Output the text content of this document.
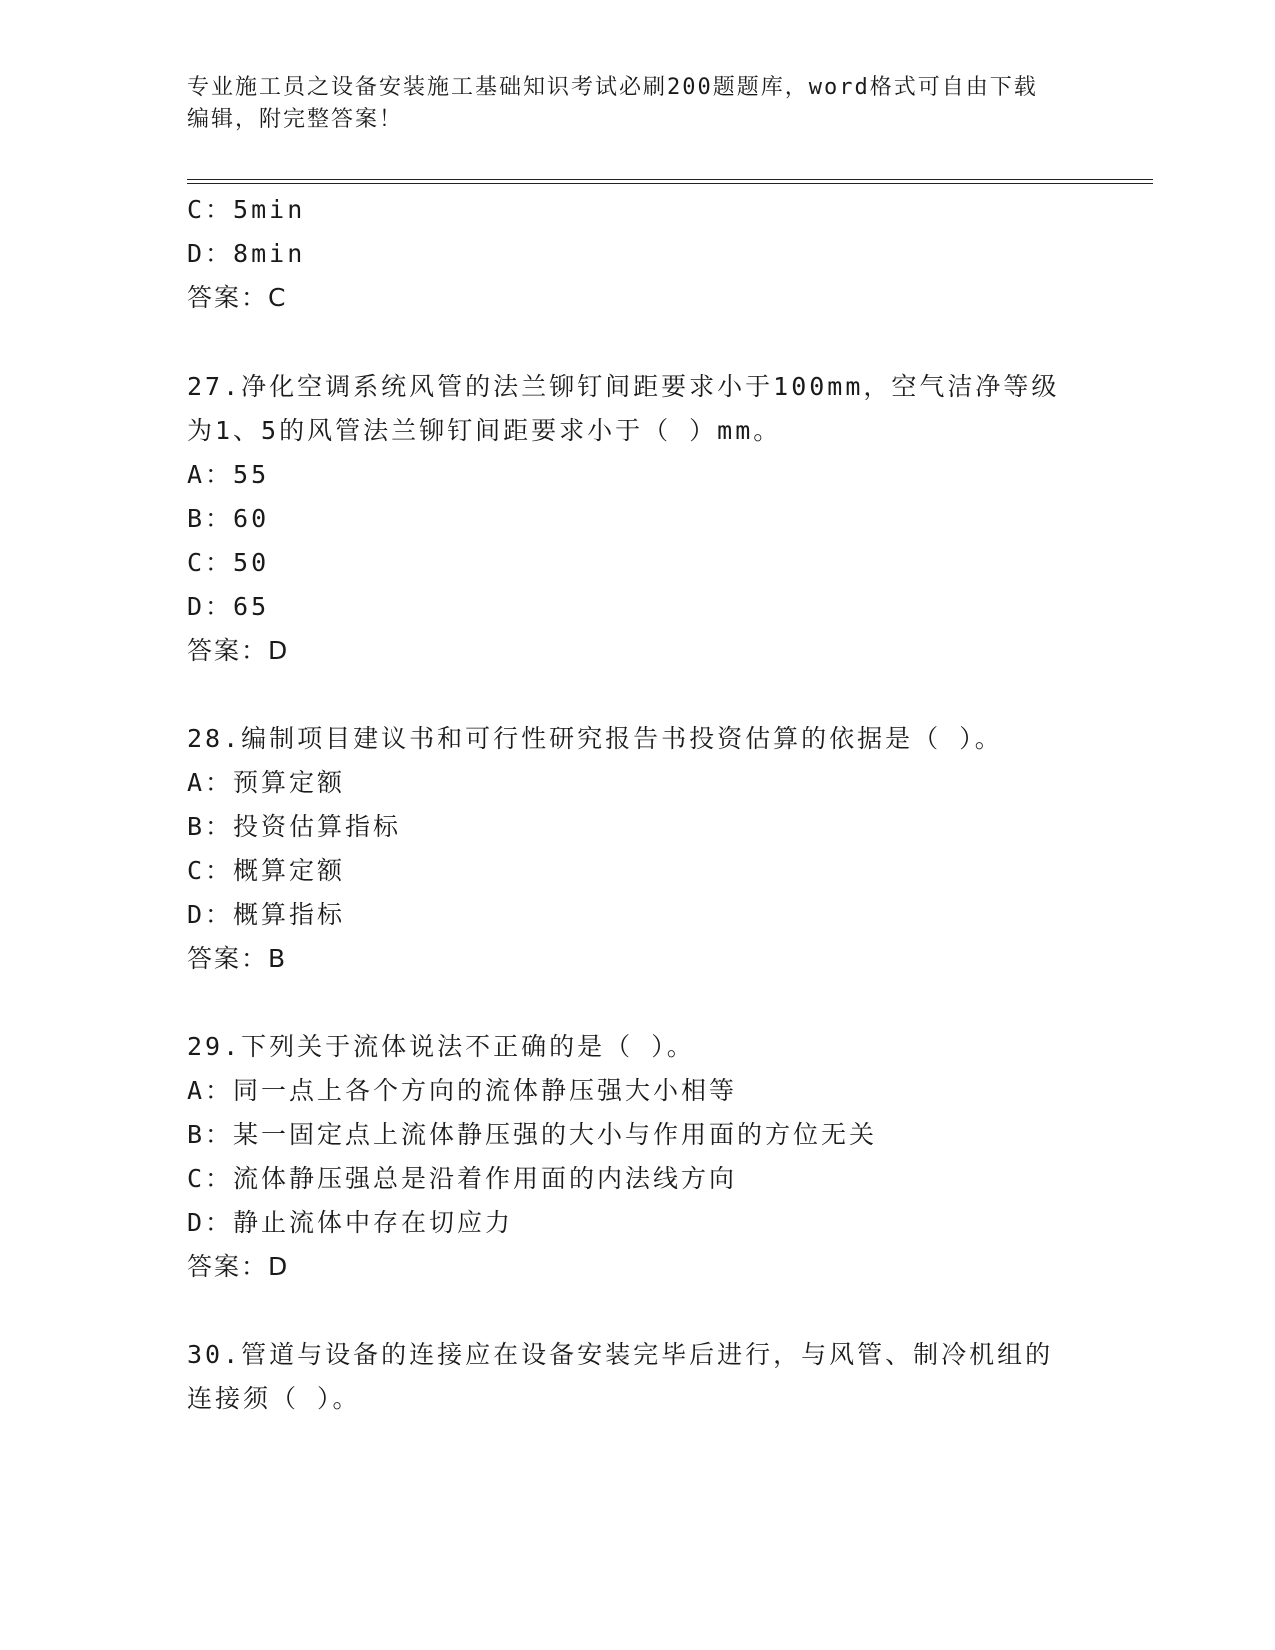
专业施工员之设备安装施工基础知识考试必刷200题题库，word格式可自由下载
编辑，附完整答案！
C：5min
D：8min
答案：C
27.净化空调系统风管的法兰铆钉间距要求小于100mm，空气洁净等级
为1、5的风管法兰铆钉间距要求小于（ ）mm。
A：55
B：60
C：50
D：65
答案：D
28.编制项目建议书和可行性研究报告书投资估算的依据是（ ）。
A：预算定额
B：投资估算指标
C：概算定额
D：概算指标
答案：B
29.下列关于流体说法不正确的是（ ）。
A：同一点上各个方向的流体静压强大小相等
B：某一固定点上流体静压强的大小与作用面的方位无关
C：流体静压强总是沿着作用面的内法线方向
D：静止流体中存在切应力
答案：D
30.管道与设备的连接应在设备安装完毕后进行，与风管、制冷机组的
连接须（ ）。
